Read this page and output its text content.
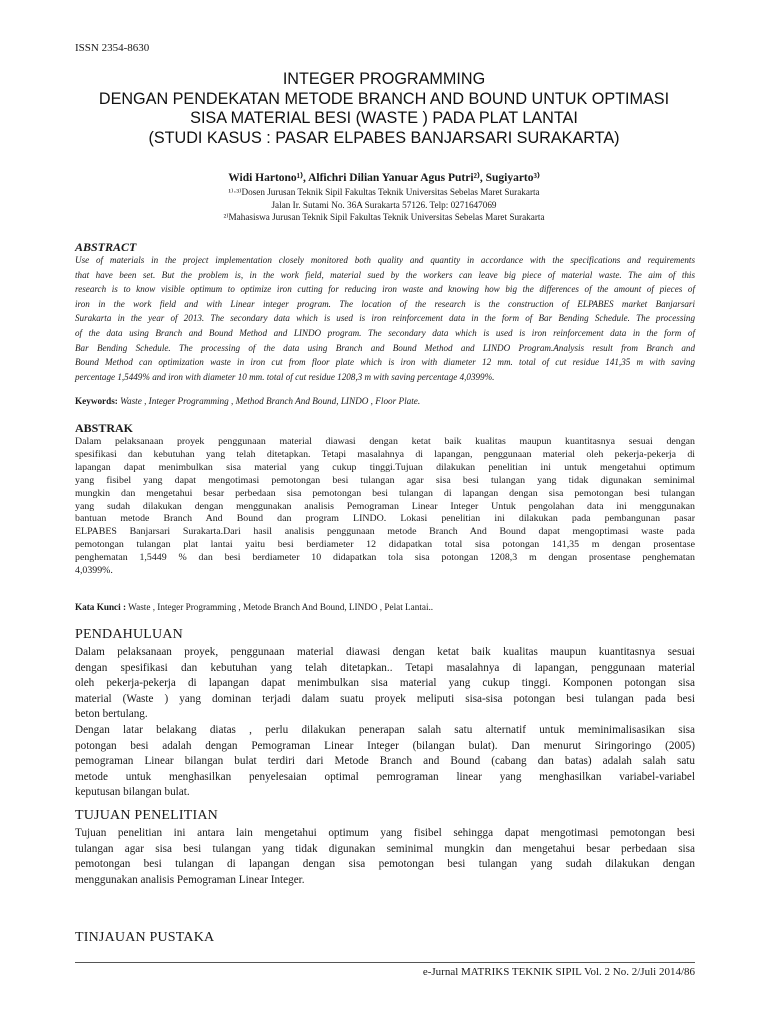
ISSN 2354-8630
INTEGER PROGRAMMING
DENGAN PENDEKATAN METODE BRANCH AND BOUND UNTUK OPTIMASI
SISA MATERIAL BESI (WASTE ) PADA PLAT LANTAI
(STUDI KASUS : PASAR ELPABES BANJARSARI SURAKARTA)
Widi Hartono¹⁾, Alfichri Dilian Yanuar Agus Putri²⁾, Sugiyarto³⁾
¹⁾·³⁾Dosen Jurusan Teknik Sipil Fakultas Teknik Universitas Sebelas Maret Surakarta
Jalan Ir. Sutami No. 36A Surakarta 57126. Telp: 0271647069
²⁾Mahasiswa Jurusan Teknik Sipil Fakultas Teknik Universitas Sebelas Maret Surakarta
ABSTRACT
Use of materials in the project implementation closely monitored both quality and quantity in accordance with the specifications and requirements
that have been set. But the problem is, in the work field, material sued by the workers can leave big piece of material waste. The aim of this
research is to know visible optimum to optimize iron cutting for reducing iron waste and knowing how big the differences of the amount of pieces of
iron in the work field and with Linear integer program. The location of the research is the construction of ELPABES market Banjarsari
Surakarta in the year of 2013. The secondary data which is used is iron reinforcement data in the form of Bar Bending Schedule. The processing
of the data using Branch and Bound Method and LINDO program. The secondary data which is used is iron reinforcement data in the form of
Bar Bending Schedule. The processing of the data using Branch and Bound Method and LINDO Program.Analysis result from Branch and
Bound Method can optimization waste in iron cut from floor plate which is iron with diameter 12 mm. total of cut residue 141,35 m with saving
percentage 1,5449% and iron with diameter 10 mm. total of cut residue 1208,3 m with saving percentage 4,0399%.
Keywords: Waste , Integer Programming , Method Branch And Bound, LINDO , Floor Plate.
ABSTRAK
Dalam pelaksanaan proyek penggunaan material diawasi dengan ketat baik kualitas maupun kuantitasnya sesuai dengan
spesifikasi dan kebutuhan yang telah ditetapkan. Tetapi masalahnya di lapangan, penggunaan material oleh pekerja-pekerja di
lapangan dapat menimbulkan sisa material yang cukup tinggi.Tujuan dilakukan penelitian ini untuk mengetahui optimum
yang fisibel yang dapat mengotimasi pemotongan besi tulangan agar sisa besi tulangan yang tidak digunakan seminimal
mungkin dan mengetahui besar perbedaan sisa pemotongan besi tulangan di lapangan dengan sisa pemotongan besi tulangan
yang sudah dilakukan dengan menggunakan analisis Pemograman Linear Integer Untuk pengolahan data ini menggunakan
bantuan metode Branch And Bound dan program LINDO. Lokasi penelitian ini dilakukan pada pembangunan pasar
ELPABES Banjarsari Surakarta.Dari hasil analisis penggunaan metode Branch And Bound dapat mengoptimasi waste pada
pemotongan tulangan plat lantai yaitu besi berdiameter 12 didapatkan total sisa potongan 141,35 m dengan prosentase
penghematan 1,5449 % dan besi berdiameter 10 didapatkan tola sisa potongan 1208,3 m dengan prosentase penghematan
4,0399%.
Kata Kunci : Waste , Integer Programming , Metode Branch And Bound, LINDO , Pelat Lantai..
PENDAHULUAN
Dalam pelaksanaan proyek, penggunaan material diawasi dengan ketat baik kualitas maupun kuantitasnya sesuai
dengan spesifikasi dan kebutuhan yang telah ditetapkan.. Tetapi masalahnya di lapangan, penggunaan material
oleh pekerja-pekerja di lapangan dapat menimbulkan sisa material yang cukup tinggi. Komponen potongan sisa
material (Waste ) yang dominan terjadi dalam suatu proyek meliputi sisa-sisa potongan besi tulangan pada besi
beton bertulang.
Dengan latar belakang diatas , perlu dilakukan penerapan salah satu alternatif untuk meminimalisasikan sisa
potongan besi adalah dengan Pemograman Linear Integer (bilangan bulat). Dan menurut Siringoringo (2005)
pemograman Linear bilangan bulat terdiri dari Metode Branch and Bound (cabang dan batas) adalah salah satu
metode untuk menghasilkan penyelesaian optimal pemrograman linear yang menghasilkan variabel-variabel
keputusan bilangan bulat.
TUJUAN PENELITIAN
Tujuan penelitian ini antara lain mengetahui optimum yang fisibel sehingga dapat mengotimasi pemotongan besi
tulangan agar sisa besi tulangan yang tidak digunakan seminimal mungkin dan mengetahui besar perbedaan sisa
pemotongan besi tulangan di lapangan dengan sisa pemotongan besi tulangan yang sudah dilakukan dengan
menggunakan analisis Pemograman Linear Integer.
TINJAUAN PUSTAKA
e-Jurnal MATRIKS TEKNIK SIPIL Vol. 2 No. 2/Juli 2014/86
